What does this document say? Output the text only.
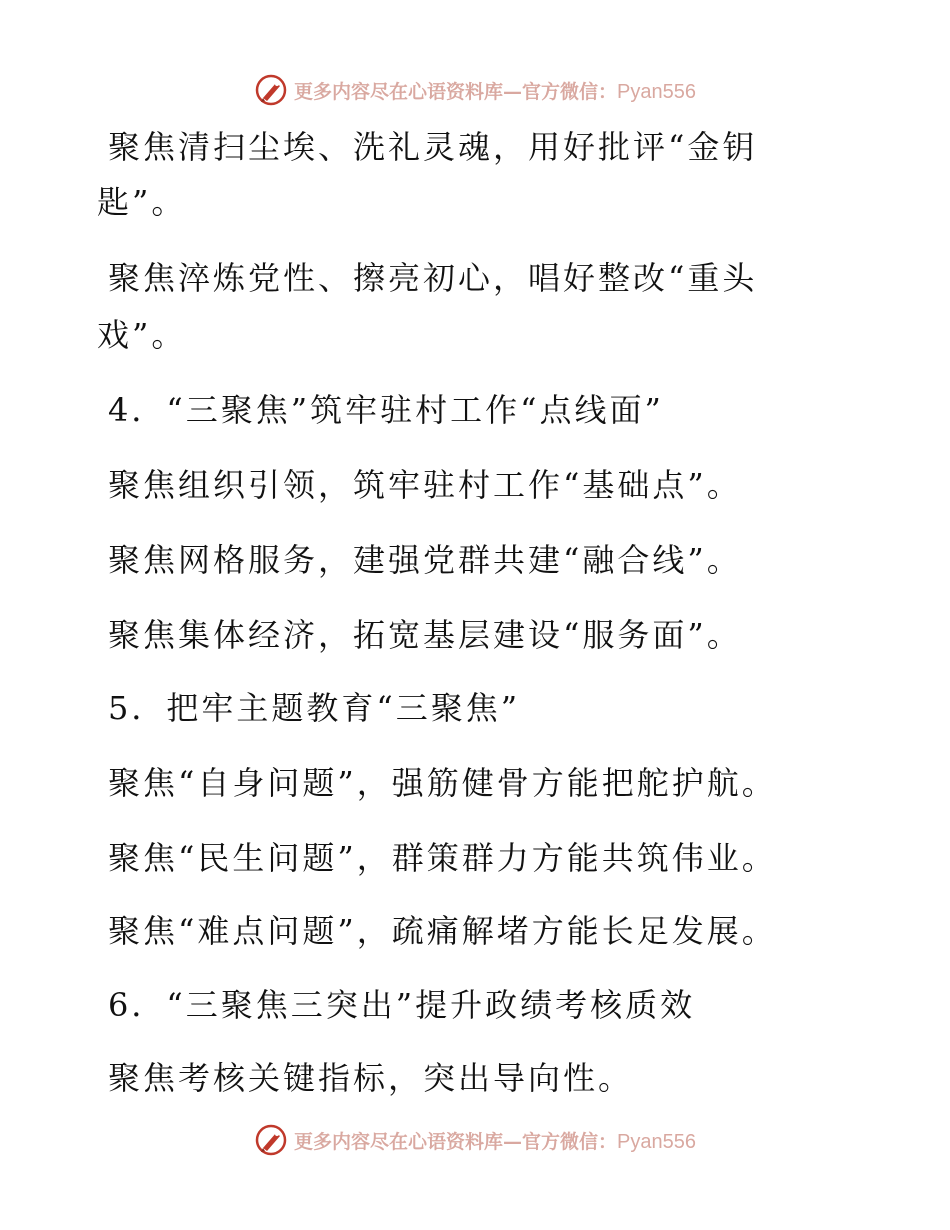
更多内容尽在心语资料库—官方微信：Pyan556
聚焦清扫尘埃、洗礼灵魂，用好批评“金钥
匙”。
聚焦淬炼党性、擦亮初心，唱好整改“重头
戏”。
4．“三聚焦”筑牢驻村工作“点线面”
聚焦组织引领，筑牢驻村工作“基础点”。
聚焦网格服务，建强党群共建“融合线”。
聚焦集体经济，拓宽基层建设“服务面”。
5．把牢主题教育“三聚焦”
聚焦“自身问题”，强筋健骨方能把舵护航。
聚焦“民生问题”，群策群力方能共筑伟业。
聚焦“难点问题”，疏痛解堵方能长足发展。
6．“三聚焦三突出”提升政绩考核质效
聚焦考核关键指标，突出导向性。
更多内容尽在心语资料库—官方微信：Pyan556
